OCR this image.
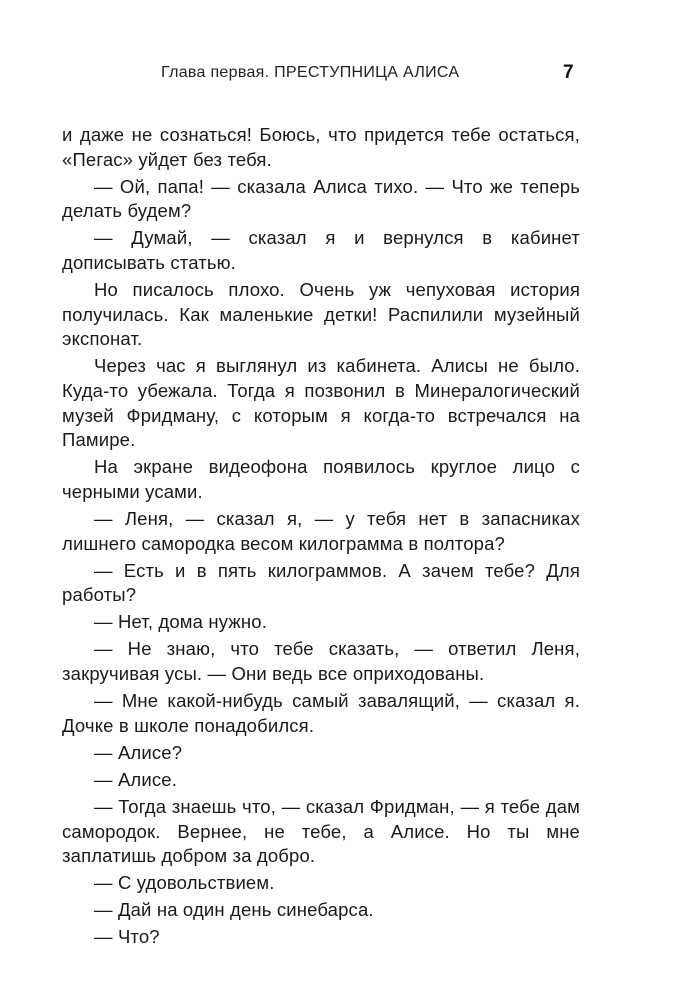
Глава первая. ПРЕСТУПНИЦА АЛИСА	7

и даже не сознаться! Боюсь, что придется тебе остаться, «Пегас» уйдет без тебя.

— Ой, папа! — сказала Алиса тихо. — Что же теперь делать будем?

— Думай, — сказал я и вернулся в кабинет дописывать статью.

Но писалось плохо. Очень уж чепуховая история получилась. Как маленькие детки! Распилили музейный экспонат.

Через час я выглянул из кабинета. Алисы не было. Куда-то убежала. Тогда я позвонил в Минералогический музей Фридману, с которым я когда-то встречался на Памире.

На экране видеофона появилось круглое лицо с черными усами.

— Леня, — сказал я, — у тебя нет в запасниках лишнего самородка весом килограмма в полтора?

— Есть и в пять килограммов. А зачем тебе? Для работы?

— Нет, дома нужно.

— Не знаю, что тебе сказать, — ответил Леня, закручивая усы. — Они ведь все оприходованы.

— Мне какой-нибудь самый завалящий, — сказал я. Дочке в школе понадобился.

— Алисе?

— Алисе.

— Тогда знаешь что, — сказал Фридман, — я тебе дам самородок. Вернее, не тебе, а Алисе. Но ты мне заплатишь добром за добро.

— С удовольствием.

— Дай на один день синебарса.

— Что?
